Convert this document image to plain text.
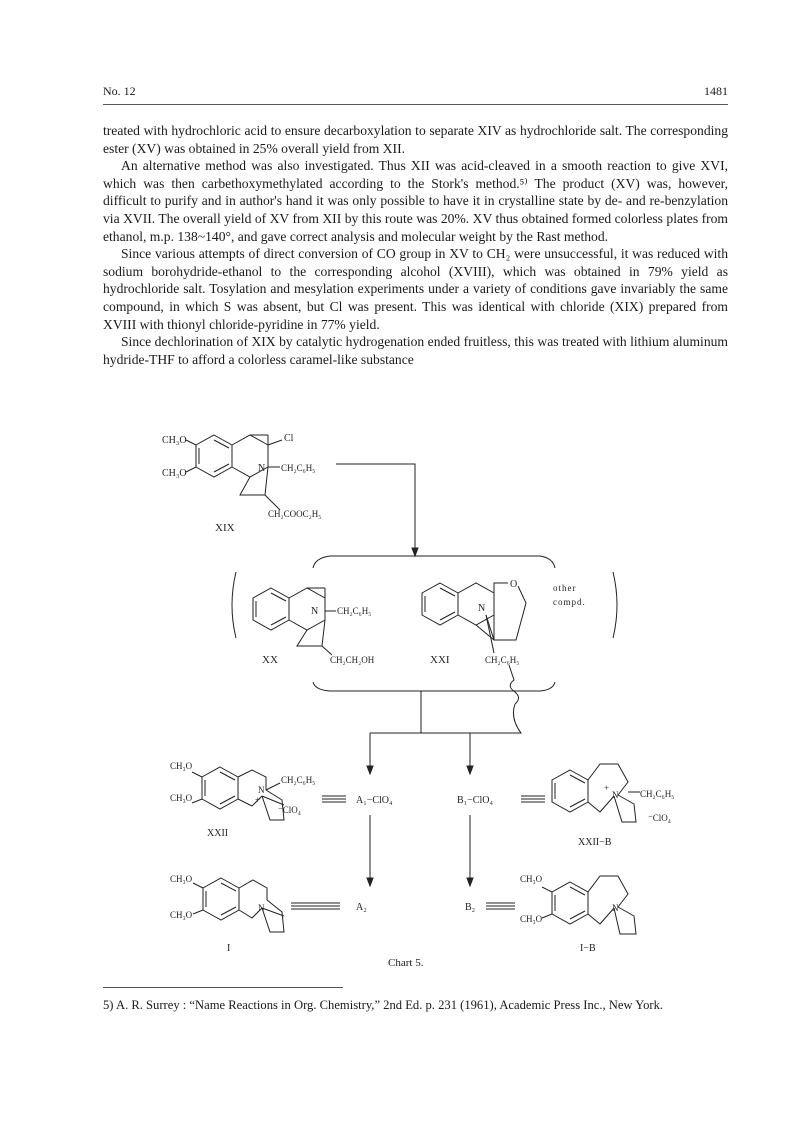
No. 12	1481

treated with hydrochloric acid to ensure decarboxylation to separate XIV as hydrochloride salt. The corresponding ester (XV) was obtained in 25% overall yield from XII.

An alternative method was also investigated. Thus XII was acid-cleaved in a smooth reaction to give XVI, which was then carbethoxymethylated according to the Stork's method.⁵⁾ The product (XV) was, however, difficult to purify and in author's hand it was only possible to have it in crystalline state by de- and re-benzylation via XVII. The overall yield of XV from XII by this route was 20%. XV thus obtained formed colorless plates from ethanol, m.p. 138~140°, and gave correct analysis and molecular weight by the Rast method.

Since various attempts of direct conversion of CO group in XV to CH₂ were unsuccessful, it was reduced with sodium borohydride-ethanol to the corresponding alcohol (XVIII), which was obtained in 79% yield as hydrochloride salt. Tosylation and mesylation experiments under a variety of conditions gave invariably the same compound, in which S was absent, but Cl was present. This was identical with chloride (XIX) prepared from XVIII with thionyl chloride-pyridine in 77% yield.

Since dechlorination of XIX by catalytic hydrogenation ended fruitless, this was treated with lithium aluminum hydride-THF to afford a colorless caramel-like substance

CH₃O
CH₃O
Cl
N CH₂C₆H₅
CH₂COOC₂H₅
XIX
N CH₂C₆H₅
CH₂CH₂OH
XX
O
N
CH₂C₆H₅
XXI
other
compd.
CH₃O
CH₃O
N
+
CH₂C₆H₅
⁻ClO₄
XXII
A₁−ClO₄	B₁−ClO₄	N
+
CH₂C₆H₅
⁻ClO₄
XXII−B
CH₃O
CH₃O
N
I
A₂	B₂
CH₃O
CH₃O
N
I−B
Chart 5.
5) A. R. Surrey : “Name Reactions in Org. Chemistry,” 2nd Ed. p. 231 (1961), Academic Press Inc., New York.
